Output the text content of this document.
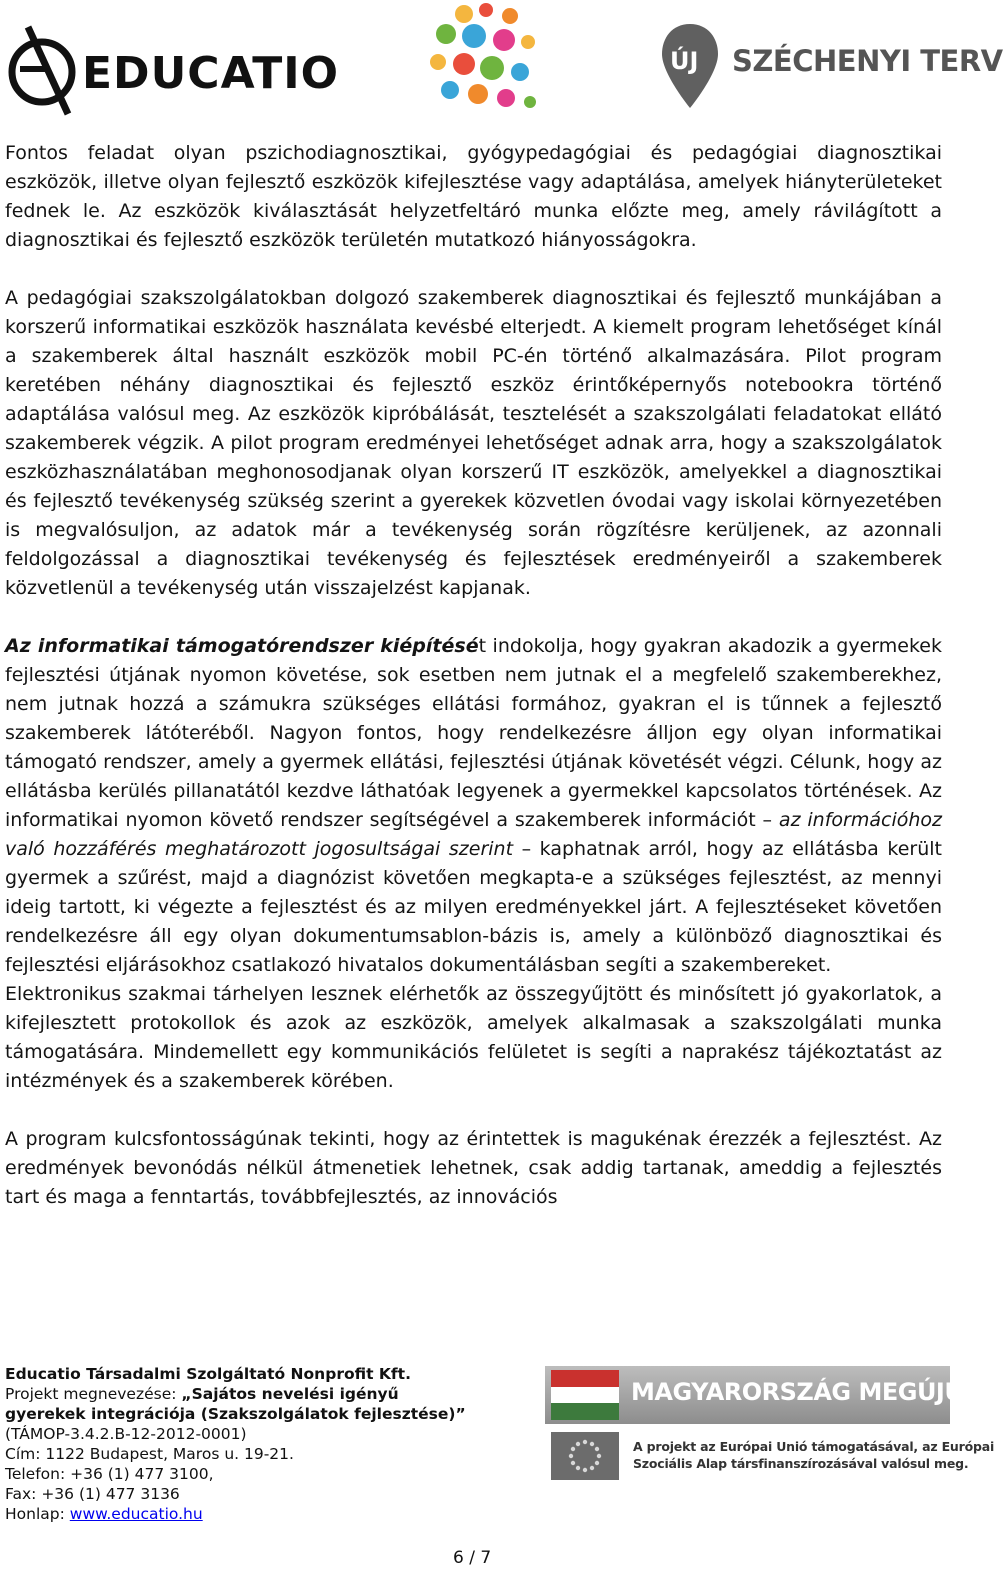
EDUCATIO	ÚJ SZÉCHENYI TERV

Fontos feladat olyan pszichodiagnosztikai, gyógypedagógiai és pedagógiai diagnosztikai eszközök, illetve olyan fejlesztő eszközök kifejlesztése vagy adaptálása, amelyek hiányterületeket fednek le. Az eszközök kiválasztását helyzetfeltáró munka előzte meg, amely rávilágított a diagnosztikai és fejlesztő eszközök területén mutatkozó hiányosságokra.

A pedagógiai szakszolgálatokban dolgozó szakemberek diagnosztikai és fejlesztő munkájában a korszerű informatikai eszközök használata kevésbé elterjedt. A kiemelt program lehetőséget kínál a szakemberek által használt eszközök mobil PC-én történő alkalmazására. Pilot program keretében néhány diagnosztikai és fejlesztő eszköz érintőképernyős notebookra történő adaptálása valósul meg. Az eszközök kipróbálását, tesztelését a szakszolgálati feladatokat ellátó szakemberek végzik. A pilot program eredményei lehetőséget adnak arra, hogy a szakszolgálatok eszközhasználatában meghonosodjanak olyan korszerű IT eszközök, amelyekkel a diagnosztikai és fejlesztő tevékenység szükség szerint a gyerekek közvetlen óvodai vagy iskolai környezetében is megvalósuljon, az adatok már a tevékenység során rögzítésre kerüljenek, az azonnali feldolgozással a diagnosztikai tevékenység és fejlesztések eredményeiről a szakemberek közvetlenül a tevékenység után visszajelzést kapjanak.

Az informatikai támogatórendszer kiépítését indokolja, hogy gyakran akadozik a gyermekek fejlesztési útjának nyomon követése, sok esetben nem jutnak el a megfelelő szakemberekhez, nem jutnak hozzá a számukra szükséges ellátási formához, gyakran el is tűnnek a fejlesztő szakemberek látóteréből. Nagyon fontos, hogy rendelkezésre álljon egy olyan informatikai támogató rendszer, amely a gyermek ellátási, fejlesztési útjának követését végzi. Célunk, hogy az ellátásba kerülés pillanatától kezdve láthatóak legyenek a gyermekkel kapcsolatos történések. Az informatikai nyomon követő rendszer segítségével a szakemberek információt – az információhoz való hozzáférés meghatározott jogosultságai szerint – kaphatnak arról, hogy az ellátásba került gyermek a szűrést, majd a diagnózist követően megkapta-e a szükséges fejlesztést, az mennyi ideig tartott, ki végezte a fejlesztést és az milyen eredményekkel járt. A fejlesztéseket követően rendelkezésre áll egy olyan dokumentumsablon-bázis is, amely a különböző diagnosztikai és fejlesztési eljárásokhoz csatlakozó hivatalos dokumentálásban segíti a szakembereket.

Elektronikus szakmai tárhelyen lesznek elérhetők az összegyűjtött és minősített jó gyakorlatok, a kifejlesztett protokollok és azok az eszközök, amelyek alkalmasak a szakszolgálati munka támogatására. Mindemellett egy kommunikációs felületet is segíti a naprakész tájékoztatást az intézmények és a szakemberek körében.

A program kulcsfontosságúnak tekinti, hogy az érintettek is magukénak érezzék a fejlesztést. Az eredmények bevonódás nélkül átmenetiek lehetnek, csak addig tartanak, ameddig a fejlesztés tart és maga a fenntartás, továbbfejlesztés, az innovációs

Educatio Társadalmi Szolgáltató Nonprofit Kft.
Projekt megnevezése: „Sajátos nevelési igényű
gyerekek integrációja (Szakszolgálatok fejlesztése)”
(TÁMOP-3.4.2.B-12-2012-0001)
Cím: 1122 Budapest, Maros u. 19-21.
Telefon: +36 (1) 477 3100,
Fax: +36 (1) 477 3136
Honlap: www.educatio.hu
MAGYARORSZÁG MEGÚJUL
A projekt az Európai Unió támogatásával, az Európai
Szociális Alap társfinanszírozásával valósul meg.
6 / 7
